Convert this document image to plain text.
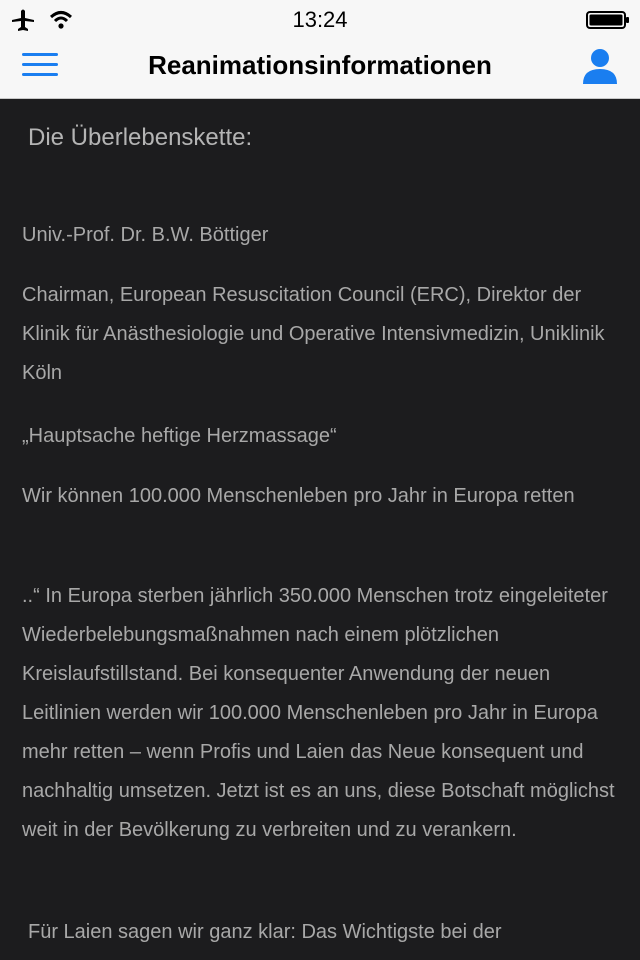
13:24
Reanimationsinformationen
Die Überlebenskette:

Univ.-Prof. Dr. B.W. Böttiger

Chairman, European Resuscitation Council (ERC), Direktor der Klinik für Anästhesiologie und Operative Intensivmedizin, Uniklinik Köln

„Hauptsache heftige Herzmassage“

Wir können 100.000 Menschenleben pro Jahr in Europa retten

..“ In Europa sterben jährlich 350.000 Menschen trotz eingeleiteter Wiederbelebungsmaßnahmen nach einem plötzlichen Kreislaufstillstand. Bei konsequenter Anwendung der neuen Leitlinien werden wir 100.000 Menschenleben pro Jahr in Europa mehr retten – wenn Profis und Laien das Neue konsequent und nachhaltig umsetzen. Jetzt ist es an uns, diese Botschaft möglichst weit in der Bevölkerung zu verbreiten und zu verankern.

Für Laien sagen wir ganz klar: Das Wichtigste bei der
